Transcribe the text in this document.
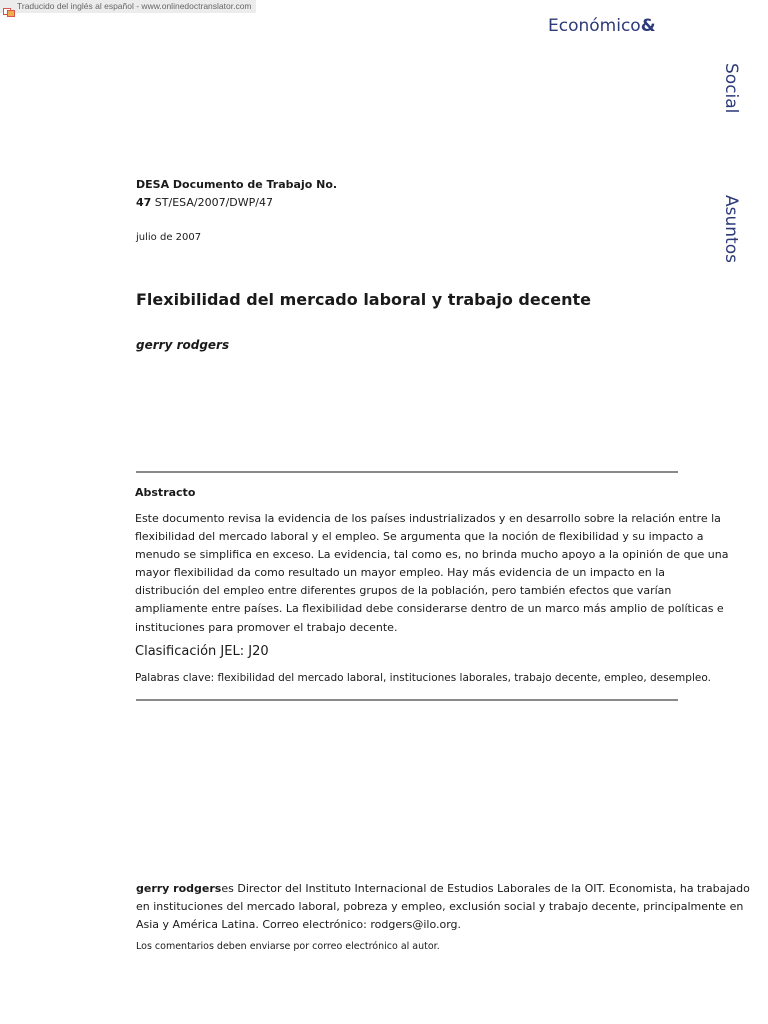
Traducido del inglés al español - www.onlinedoctranslator.com
Económico&
Social
Asuntos
DESA Documento de Trabajo No.
47 ST/ESA/2007/DWP/47
julio de 2007
Flexibilidad del mercado laboral y trabajo decente
gerry rodgers
Abstracto
Este documento revisa la evidencia de los países industrializados y en desarrollo sobre la relación entre la
flexibilidad del mercado laboral y el empleo. Se argumenta que la noción de flexibilidad y su impacto a
menudo se simplifica en exceso. La evidencia, tal como es, no brinda mucho apoyo a la opinión de que una
mayor flexibilidad da como resultado un mayor empleo. Hay más evidencia de un impacto en la
distribución del empleo entre diferentes grupos de la población, pero también efectos que varían
ampliamente entre países. La flexibilidad debe considerarse dentro de un marco más amplio de políticas e
instituciones para promover el trabajo decente.
Clasificación JEL: J20
Palabras clave: flexibilidad del mercado laboral, instituciones laborales, trabajo decente, empleo, desempleo.
gerry rodgerses Director del Instituto Internacional de Estudios Laborales de la OIT. Economista, ha trabajado
en instituciones del mercado laboral, pobreza y empleo, exclusión social y trabajo decente, principalmente en
Asia y América Latina. Correo electrónico: rodgers@ilo.org.
Los comentarios deben enviarse por correo electrónico al autor.
